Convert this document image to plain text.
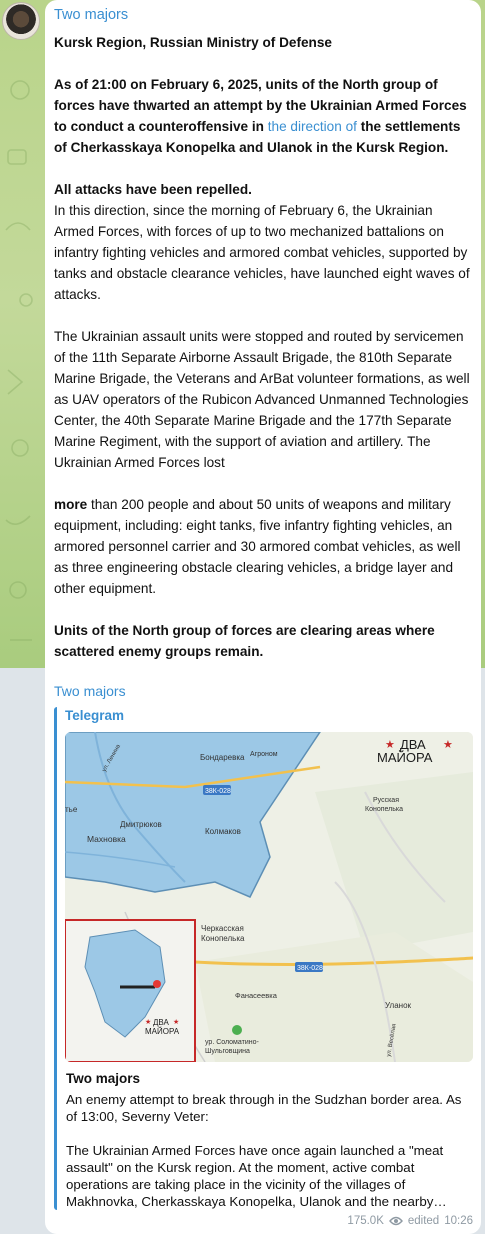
Two majors

Kursk Region, Russian Ministry of Defense

As of 21:00 on February 6, 2025, units of the North group of forces have thwarted an attempt by the Ukrainian Armed Forces to conduct a counteroffensive in the direction of the settlements of Cherkasskaya Konopelka and Ulanok in the Kursk Region.

All attacks have been repelled.
In this direction, since the morning of February 6, the Ukrainian Armed Forces, with forces of up to two mechanized battalions on infantry fighting vehicles and armored combat vehicles, supported by tanks and obstacle clearance vehicles, have launched eight waves of attacks.

The Ukrainian assault units were stopped and routed by servicemen of the 11th Separate Airborne Assault Brigade, the 810th Separate Marine Brigade, the Veterans and ArBat volunteer formations, as well as UAV operators of the Rubicon Advanced Unmanned Technologies Center, the 40th Separate Marine Brigade and the 177th Separate Marine Regiment, with the support of aviation and artillery. The Ukrainian Armed Forces lost

more than 200 people and about 50 units of weapons and military equipment, including: eight tanks, five infantry fighting vehicles, an armored personnel carrier and 30 armored combat vehicles, as well as three engineering obstacle clearing vehicles, a bridge layer and other equipment.

Units of the North group of forces are clearing areas where scattered enemy groups remain.

Two majors
Telegram
38К-028
38К-028
Бондаревка Агроном
Дмитрюков
Махновка
Колмаков
тье
ул. Ленина
Русская
Конопелька
Черкасская
Конопелька
Фанасеевка
Уланок
ур. Соломатино-
Шульговщина	ул. Весёлая
★ ДВА ★
МАЙОРА
★ ДВА ★
МАЙОРА
Two majors

An enemy attempt to break through in the Sudzhan border area. As of 13:00, Severny Veter:

The Ukrainian Armed Forces have once again launched a "meat assault" on the Kursk region. At the moment, active combat operations are taking place in the vicinity of the villages of Makhnovka, Cherkasskaya Konopelka, Ulanok and the nearby…

175.0K edited 10:26
